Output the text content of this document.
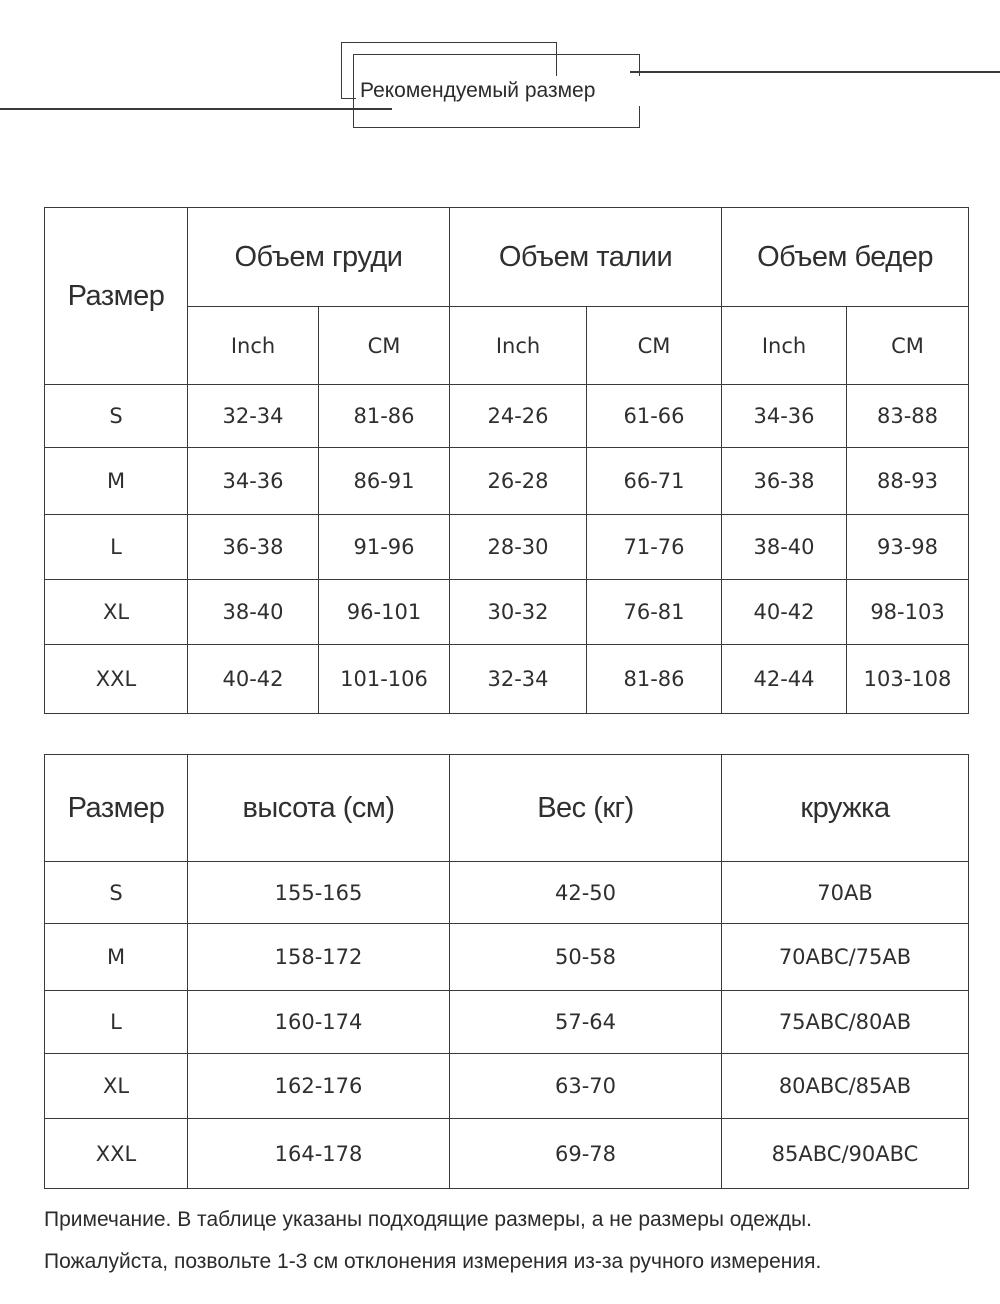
Рекомендуемый размер
Размер	Объем груди		Объем талии		Объем бедер	
	Inch	CM	Inch	CM	Inch	CM
S	32-34	81-86	24-26	61-66	34-36	83-88
M	34-36	86-91	26-28	66-71	36-38	88-93
L	36-38	91-96	28-30	71-76	38-40	93-98
XL	38-40	96-101	30-32	76-81	40-42	98-103
XXL	40-42	101-106	32-34	81-86	42-44	103-108
Размер	высота (см)	Вес (кг)	кружка
S	155-165	42-50	70AB
M	158-172	50-58	70ABC/75AB
L	160-174	57-64	75ABC/80AB
XL	162-176	63-70	80ABC/85AB
XXL	164-178	69-78	85ABC/90ABC
Примечание. В таблице указаны подходящие размеры, а не размеры одежды.
Пожалуйста, позвольте 1-3 см отклонения измерения из-за ручного измерения.
